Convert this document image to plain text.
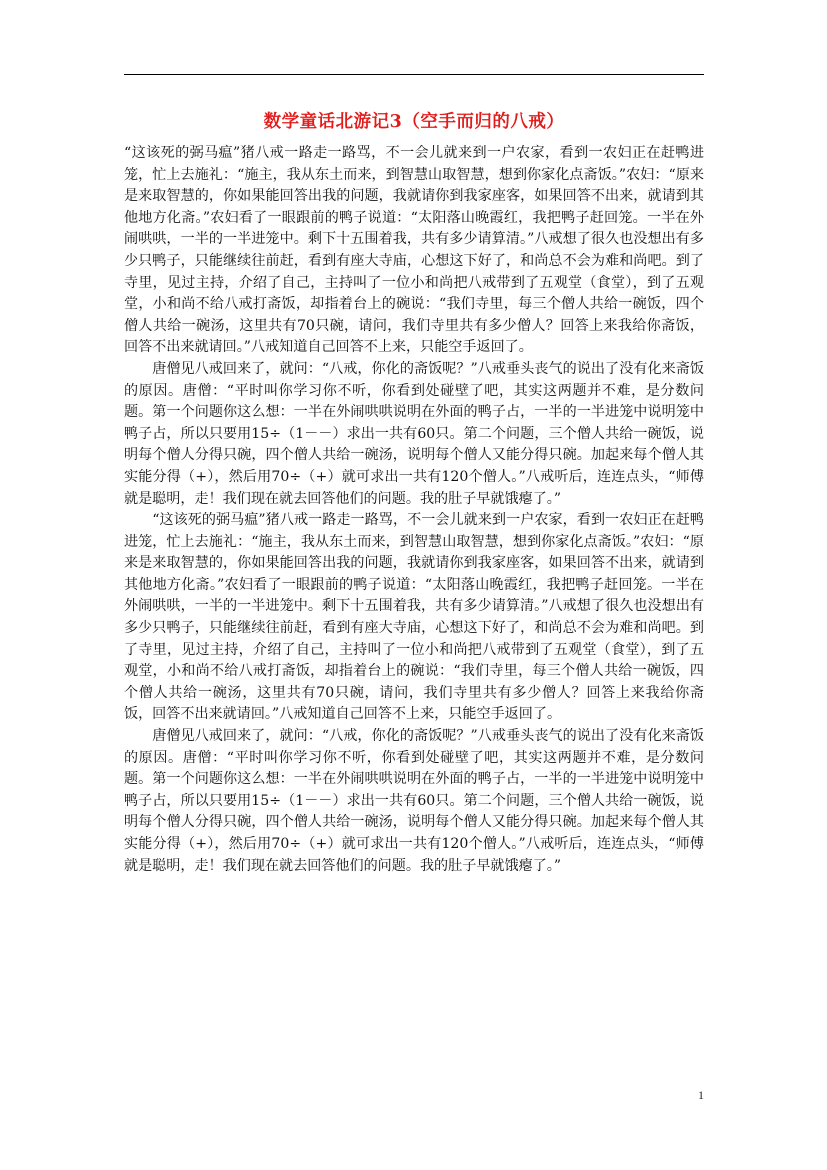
数学童话北游记3（空手而归的八戒）

“这该死的弼马瘟”猪八戒一路走一路骂，不一会儿就来到一户农家，看到一农妇正在赶鸭进笼，忙上去施礼：“施主，我从东土而来，到智慧山取智慧，想到你家化点斋饭。”农妇：“原来是来取智慧的，你如果能回答出我的问题，我就请你到我家座客，如果回答不出来，就请到其他地方化斋。”农妇看了一眼跟前的鸭子说道：“太阳落山晚霞红，我把鸭子赶回笼。一半在外闹哄哄，一半的一半进笼中。剩下十五围着我，共有多少请算清。”八戒想了很久也没想出有多少只鸭子，只能继续往前赶，看到有座大寺庙，心想这下好了，和尚总不会为难和尚吧。到了寺里，见过主持，介绍了自己，主持叫了一位小和尚把八戒带到了五观堂（食堂），到了五观堂，小和尚不给八戒打斋饭，却指着台上的碗说：“我们寺里，每三个僧人共给一碗饭，四个僧人共给一碗汤，这里共有70只碗，请问，我们寺里共有多少僧人？回答上来我给你斋饭，回答不出来就请回。”八戒知道自己回答不上来，只能空手返回了。

唐僧见八戒回来了，就问：“八戒，你化的斋饭呢？”八戒垂头丧气的说出了没有化来斋饭的原因。唐僧：“平时叫你学习你不听，你看到处碰壁了吧，其实这两题并不难，是分数问题。第一个问题你这么想：一半在外闹哄哄说明在外面的鸭子占，一半的一半进笼中说明笼中鸭子占，所以只要用15÷（1－－）求出一共有60只。第二个问题，三个僧人共给一碗饭，说明每个僧人分得只碗，四个僧人共给一碗汤，说明每个僧人又能分得只碗。加起来每个僧人其实能分得（+），然后用70÷（+）就可求出一共有120个僧人。”八戒听后，连连点头，“师傅就是聪明，走！我们现在就去回答他们的问题。我的肚子早就饿瘪了。”

“这该死的弼马瘟”猪八戒一路走一路骂，不一会儿就来到一户农家，看到一农妇正在赶鸭进笼，忙上去施礼：“施主，我从东土而来，到智慧山取智慧，想到你家化点斋饭。”农妇：“原来是来取智慧的，你如果能回答出我的问题，我就请你到我家座客，如果回答不出来，就请到其他地方化斋。”农妇看了一眼跟前的鸭子说道：“太阳落山晚霞红，我把鸭子赶回笼。一半在外闹哄哄，一半的一半进笼中。剩下十五围着我，共有多少请算清。”八戒想了很久也没想出有多少只鸭子，只能继续往前赶，看到有座大寺庙，心想这下好了，和尚总不会为难和尚吧。到了寺里，见过主持，介绍了自己，主持叫了一位小和尚把八戒带到了五观堂（食堂），到了五观堂，小和尚不给八戒打斋饭，却指着台上的碗说：“我们寺里，每三个僧人共给一碗饭，四个僧人共给一碗汤，这里共有70只碗，请问，我们寺里共有多少僧人？回答上来我给你斋饭，回答不出来就请回。”八戒知道自己回答不上来，只能空手返回了。

唐僧见八戒回来了，就问：“八戒，你化的斋饭呢？”八戒垂头丧气的说出了没有化来斋饭的原因。唐僧：“平时叫你学习你不听，你看到处碰壁了吧，其实这两题并不难，是分数问题。第一个问题你这么想：一半在外闹哄哄说明在外面的鸭子占，一半的一半进笼中说明笼中鸭子占，所以只要用15÷（1－－）求出一共有60只。第二个问题，三个僧人共给一碗饭，说明每个僧人分得只碗，四个僧人共给一碗汤，说明每个僧人又能分得只碗。加起来每个僧人其实能分得（+），然后用70÷（+）就可求出一共有120个僧人。”八戒听后，连连点头，“师傅就是聪明，走！我们现在就去回答他们的问题。我的肚子早就饿瘪了。”

1
